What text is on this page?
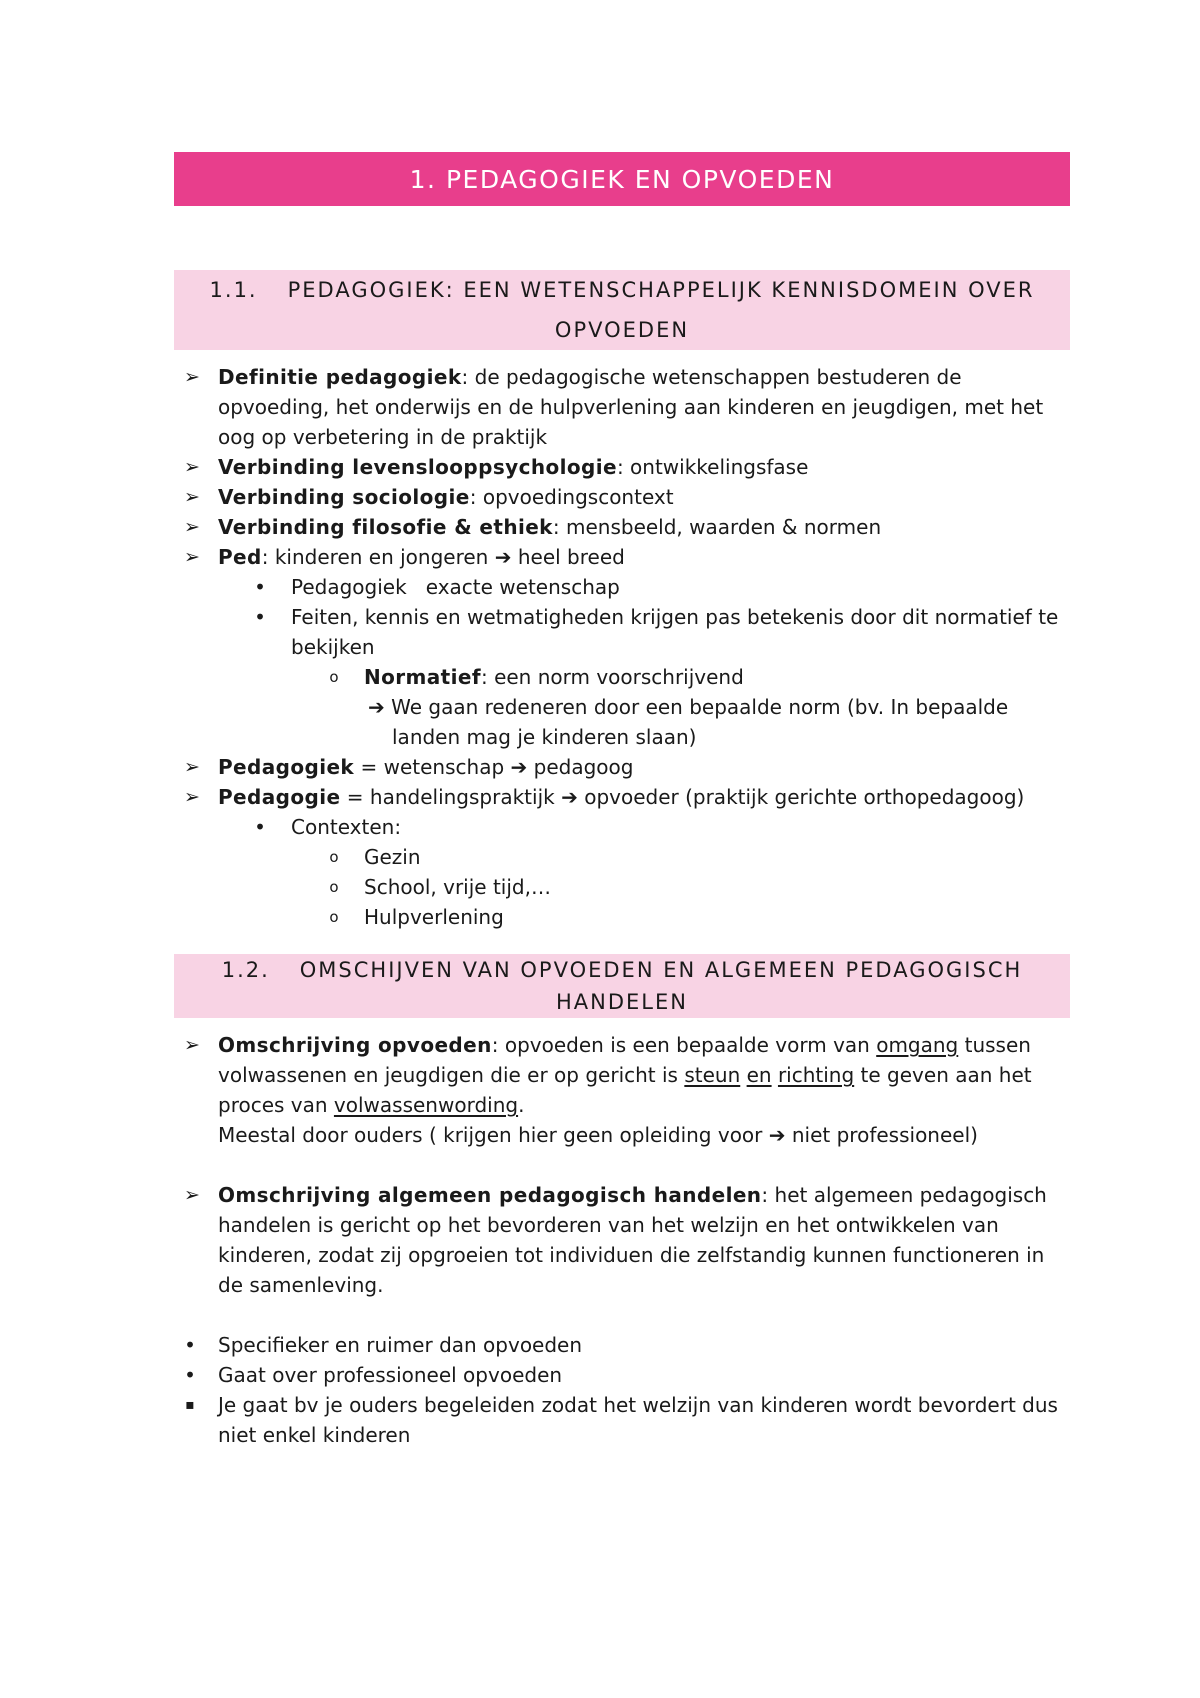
1. PEDAGOGIEK EN OPVOEDEN
1.1. PEDAGOGIEK: EEN WETENSCHAPPELIJK KENNISDOMEIN OVER OPVOEDEN
➢ Definitie pedagogiek: de pedagogische wetenschappen bestuderen de opvoeding, het onderwijs en de hulpverlening aan kinderen en jeugdigen, met het oog op verbetering in de praktijk
➢ Verbinding levenslooppsychologie: ontwikkelingsfase
➢ Verbinding sociologie: opvoedingscontext
➢ Verbinding filosofie & ethiek: mensbeeld, waarden & normen
➢ Ped: kinderen en jongeren ➔ heel breed
•	Pedagogiek   exacte wetenschap
•	Feiten, kennis en wetmatigheden krijgen pas betekenis door dit normatief te bekijken
o	Normatief: een norm voorschrijvend
➔ We gaan redeneren door een bepaalde norm (bv. In bepaalde landen mag je kinderen slaan)
➢ Pedagogiek = wetenschap ➔ pedagoog
➢ Pedagogie = handelingspraktijk ➔ opvoeder (praktijk gerichte orthopedagoog)
•	Contexten:
o	Gezin
o	School, vrije tijd,…
o	Hulpverlening
1.2. OMSCHIJVEN VAN OPVOEDEN EN ALGEMEEN PEDAGOGISCH HANDELEN
➢ Omschrijving opvoeden: opvoeden is een bepaalde vorm van omgang tussen volwassenen en jeugdigen die er op gericht is steun en richting te geven aan het proces van volwassenwording.
Meestal door ouders ( krijgen hier geen opleiding voor ➔ niet professioneel)
➢ Omschrijving algemeen pedagogisch handelen: het algemeen pedagogisch handelen is gericht op het bevorderen van het welzijn en het ontwikkelen van kinderen, zodat zij opgroeien tot individuen die zelfstandig kunnen functioneren in de samenleving.
•	Specifieker en ruimer dan opvoeden
•	Gaat over professioneel opvoeden
▪	Je gaat bv je ouders begeleiden zodat het welzijn van kinderen wordt bevordert dus niet enkel kinderen
